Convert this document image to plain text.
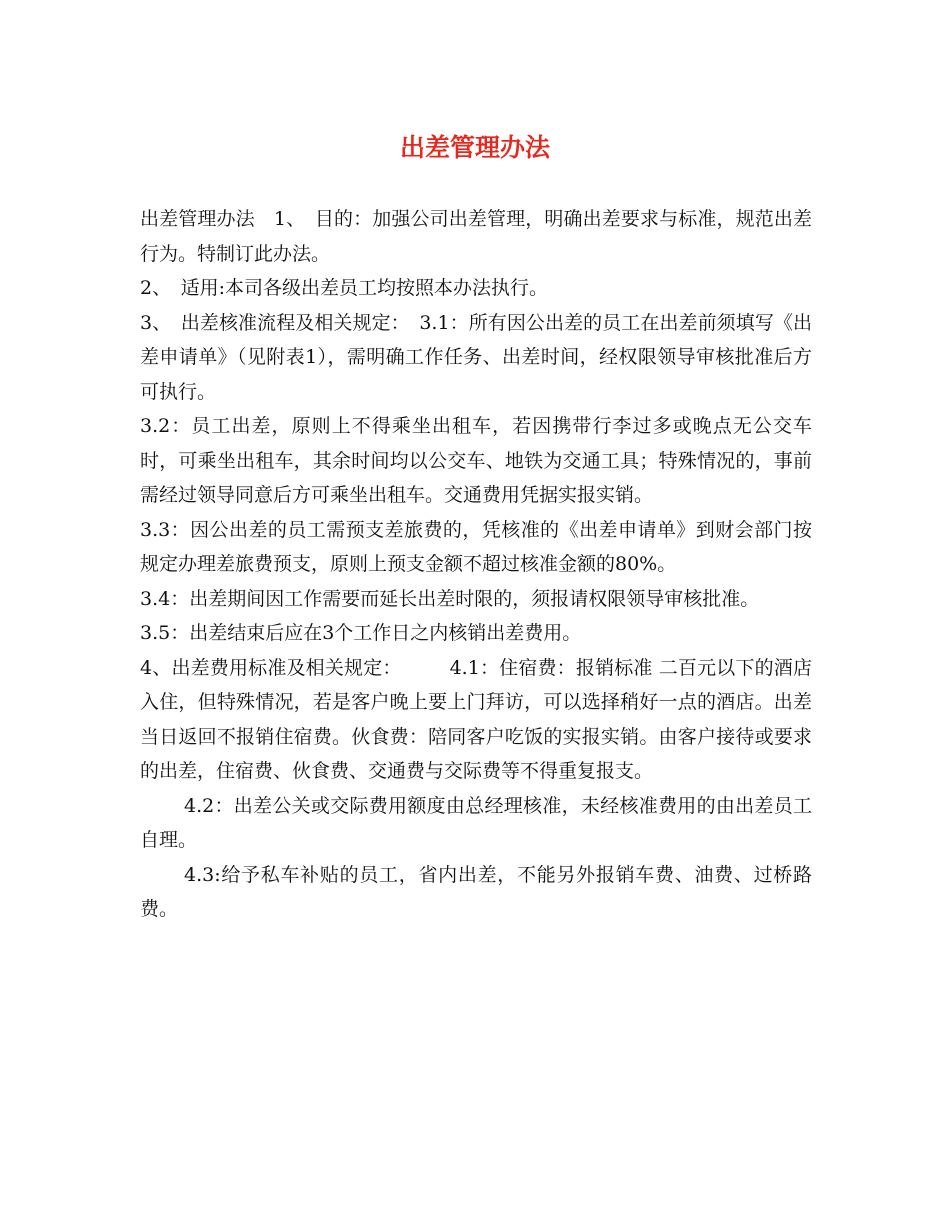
出差管理办法

出差管理办法　1、　目的：加强公司出差管理，明确出差要求与标准，规范出差行为。特制订此办法。

2、　适用:本司各级出差员工均按照本办法执行。

3、　出差核准流程及相关规定：　3.1：所有因公出差的员工在出差前须填写《出差申请单》（见附表1），需明确工作任务、出差时间，经权限领导审核批准后方可执行。

3.2：员工出差，原则上不得乘坐出租车，若因携带行李过多或晚点无公交车时，可乘坐出租车，其余时间均以公交车、地铁为交通工具；特殊情况的，事前需经过领导同意后方可乘坐出租车。交通费用凭据实报实销。

3.3：因公出差的员工需预支差旅费的，凭核准的《出差申请单》到财会部门按规定办理差旅费预支，原则上预支金额不超过核准金额的80%。

3.4：出差期间因工作需要而延长出差时限的，须报请权限领导审核批准。

3.5：出差结束后应在3个工作日之内核销出差费用。

4、出差费用标准及相关规定：　　　4.1：住宿费：报销标准 二百元以下的酒店入住，但特殊情况，若是客户晚上要上门拜访，可以选择稍好一点的酒店。出差当日返回不报销住宿费。伙食费：陪同客户吃饭的实报实销。由客户接待或要求的出差，住宿费、伙食费、交通费与交际费等不得重复报支。

4.2：出差公关或交际费用额度由总经理核准，未经核准费用的由出差员工自理。

4.3:给予私车补贴的员工，省内出差，不能另外报销车费、油费、过桥路费。
